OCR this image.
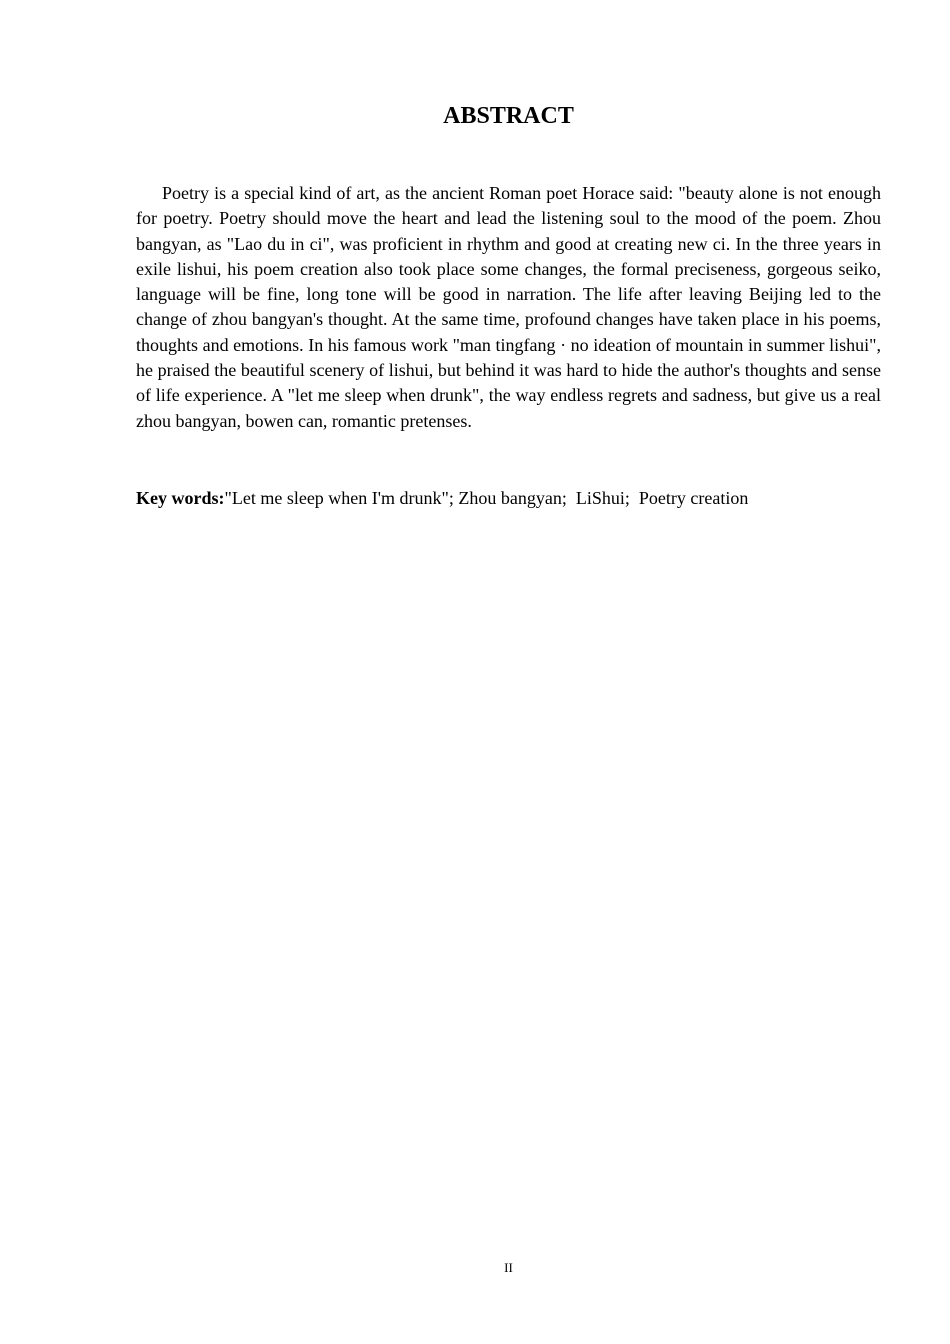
ABSTRACT

Poetry is a special kind of art, as the ancient Roman poet Horace said: "beauty alone is not enough for poetry. Poetry should move the heart and lead the listening soul to the mood of the poem. Zhou bangyan, as "Lao du in ci", was proficient in rhythm and good at creating new ci. In the three years in exile lishui, his poem creation also took place some changes, the formal preciseness, gorgeous seiko, language will be fine, long tone will be good in narration. The life after leaving Beijing led to the change of zhou bangyan's thought. At the same time, profound changes have taken place in his poems, thoughts and emotions. In his famous work "man tingfang · no ideation of mountain in summer lishui", he praised the beautiful scenery of lishui, but behind it was hard to hide the author's thoughts and sense of life experience. A "let me sleep when drunk", the way endless regrets and sadness, but give us a real zhou bangyan, bowen can, romantic pretenses.

Key words:"Let me sleep when I'm drunk"; Zhou bangyan;  LiShui;  Poetry creation

II
